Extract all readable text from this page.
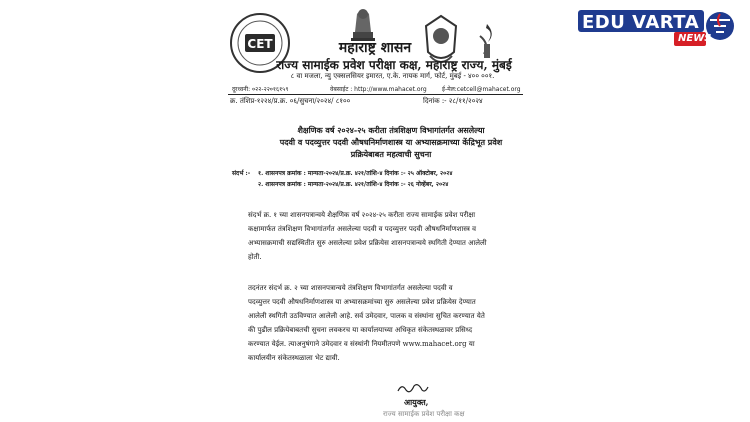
CET	महाराष्ट्र शासन
राज्य सामाईक प्रवेश परीक्षा कक्ष, महाराष्ट्र राज्य, मुंबई
८ वा मजला, न्यु एक्सलसियर इमारत, ए.के. नायक मार्ग, फोर्ट, मुंबई - ४०० ००१.
दूरध्वनी: ०२२-२२०१६१५९	वेबसाईट : http://www.mahacet.org	ई-मेल:cetcell@mahacet.org
क्र. तंशिप्र-१२२४/प्र.क्र. ०६/सुचना/२०२४/ ८१००	दिनांक :- २८/११/२०२४
शैक्षणिक वर्ष २०२४-२५ करीता तंत्रशिक्षण विभागांतर्गत असलेल्या
पदवी व पदव्युत्तर पदवी औषधनिर्माणशास्त्र या अभ्यासक्रमाच्या केंद्रिभूत प्रवेश
प्रक्रियेबाबत महत्वाची सुचना
संदर्भ :- १. शासनपत्र क्रमांक : मान्यता-२०२४/प्र.क्र. ४२१/तांशि-४ दिनांक :- २५ ऑक्टोबर, २०२४
२. शासनपत्र क्रमांक : मान्यता-२०२४/प्र.क्र. ४२१/तांशि-४ दिनांक :- २६ नोव्हेंबर, २०२४
संदर्भ क्र. १ च्या शासनपत्रान्वये शैक्षणिक वर्ष २०२४-२५ करीता राज्य सामाईक प्रवेश परीक्षा
कक्षामार्फत तंत्रशिक्षण विभागांतर्गत असलेल्या पदवी व पदव्युत्तर पदवी औषधनिर्माणशास्त्र व
अभ्यासक्रमाची सद्यस्थितीत सुरु असलेल्या प्रवेश प्रक्रियेस शासनपत्रान्वये स्थगिती देण्यात आलेली
होती.
तदनंतर संदर्भ क्र. २ च्या शासनपत्रान्वये तंत्रशिक्षण विभागांतर्गत असलेल्या पदवी व
पदव्युत्तर पदवी औषधनिर्माणशास्त्र या अभ्यासक्रमांच्या सुरु असलेल्या प्रवेश प्रक्रियेस देण्यात
आलेली स्थगिती उठविण्यात आलेली आहे. सर्व उमेदवार, पालक व संस्थांना सुचित करण्यात येते
की पुढील प्रक्रियेबाबतची सुचना लवकरच या कार्यालयाच्या अधिकृत संकेतस्थळावर प्रसिध्द
करण्यात येईल. त्याअनुषंगाने उमेदवार व संस्थांनी नियमीतपणे www.mahacet.org या
कार्यालयीन संकेतस्थळाला भेट द्यावी.
आयुक्त,
राज्य सामाईक प्रवेश परीक्षा कक्ष
EDU VARTA
NEWS
